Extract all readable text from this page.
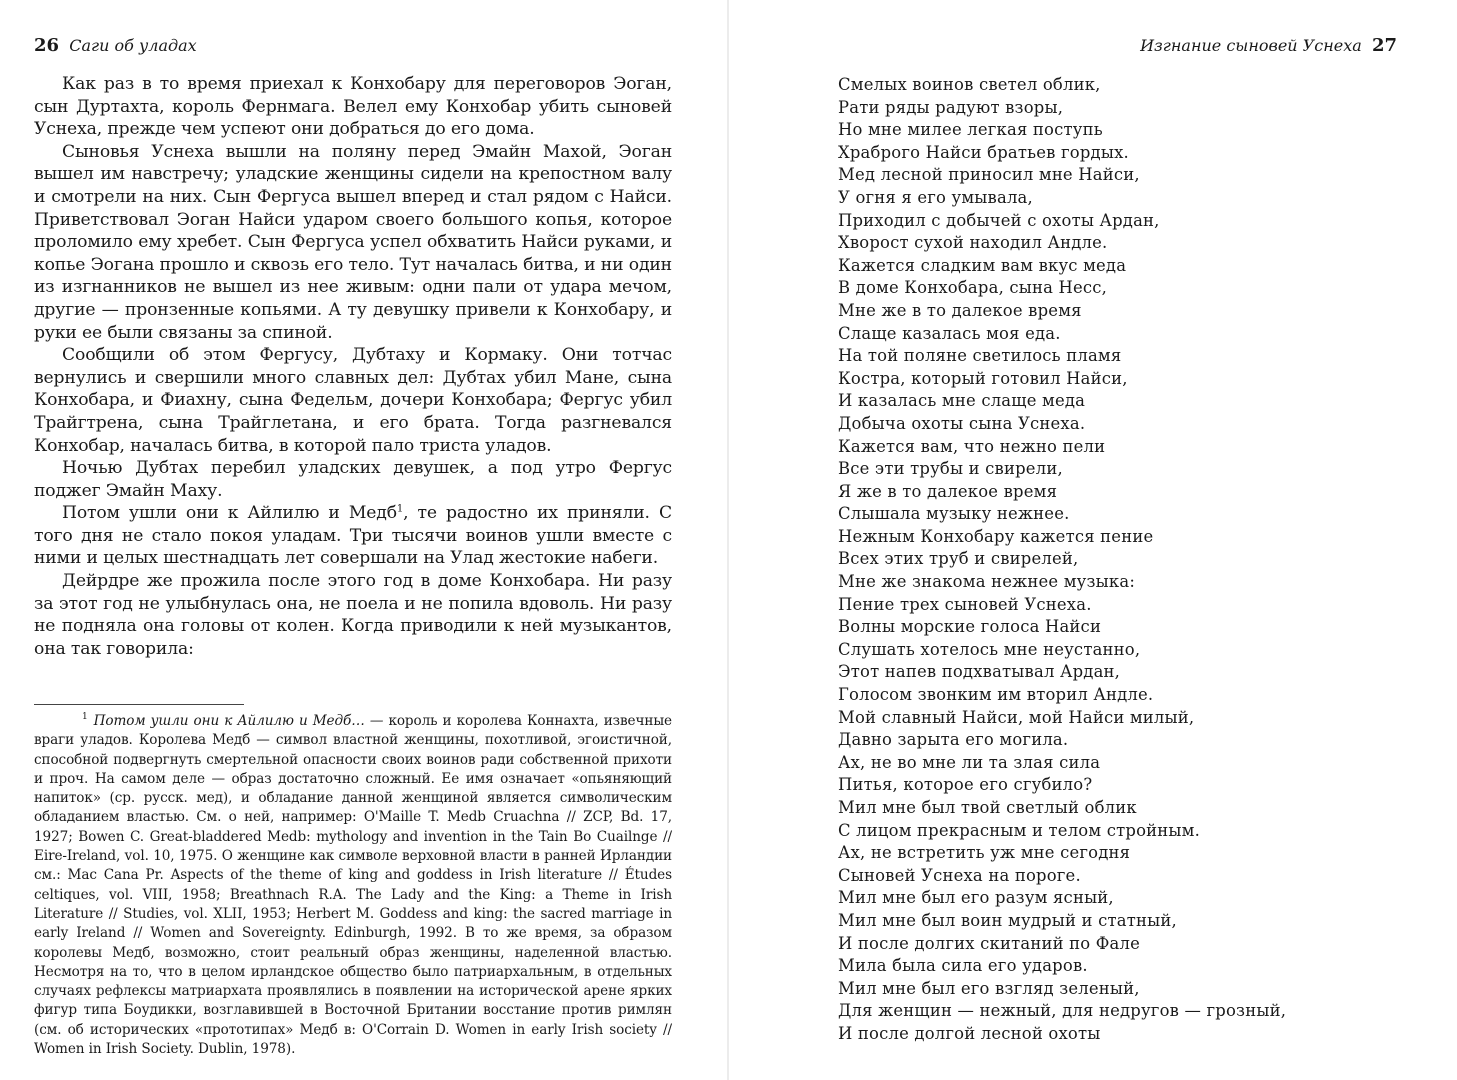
26 Саги об уладах

Как раз в то время приехал к Конхобару для переговоров Эоган, сын Дуртахта, король Фернмага. Велел ему Конхобар убить сыновей Уснеха, прежде чем успеют они добраться до его дома.

Сыновья Уснеха вышли на поляну перед Эмайн Махой, Эоган вышел им навстречу; уладские женщины сидели на крепостном валу и смотрели на них. Сын Фергуса вышел вперед и стал рядом с Найси. Приветствовал Эоган Найси ударом своего большого копья, которое проломило ему хребет. Сын Фергуса успел обхватить Найси руками, и копье Эогана прошло и сквозь его тело. Тут началась битва, и ни один из изгнанников не вышел из нее живым: одни пали от удара мечом, другие — пронзенные копьями. А ту девушку привели к Конхобару, и руки ее были связаны за спиной.

Сообщили об этом Фергусу, Дубтаху и Кормаку. Они тотчас вернулись и свершили много славных дел: Дубтах убил Мане, сына Конхобара, и Фиахну, сына Федельм, дочери Конхобара; Фергус убил Трайгтрена, сына Трайглетана, и его брата. Тогда разгневался Конхобар, началась битва, в которой пало триста уладов.

Ночью Дубтах перебил уладских девушек, а под утро Фергус поджег Эмайн Маху.

Потом ушли они к Айлилю и Медб$^1$, те радостно их приняли. С того дня не стало покоя уладам. Три тысячи воинов ушли вместе с ними и целых шестнадцать лет совершали на Улад жестокие набеги.

Дейрдре же прожила после этого год в доме Конхобара. Ни разу за этот год не улыбнулась она, не поела и не попила вдоволь. Ни разу не подняла она головы от колен. Когда приводили к ней музыкантов, она так говорила:

$^1$ Потом ушли они к Айлилю и Медб… — король и королева Коннахта, извечные враги уладов. Королева Медб — символ властной женщины, похотливой, эгоистичной, способной подвергнуть смертельной опасности своих воинов ради собственной прихоти и проч. На самом деле — образ достаточно сложный. Ее имя означает «опьяняющий напиток» (ср. русск. мед), и обладание данной женщиной является символическим обладанием властью. См. о ней, например: O'Maille T. Medb Cruachna // ZCP, Bd. 17, 1927; Bowen C. Great-bladdered Medb: mythology and invention in the Tain Bo Cuailnge // Eire-Ireland, vol. 10, 1975. О женщине как символе верховной власти в ранней Ирландии см.: Mac Cana Pr. Aspects of the theme of king and goddess in Irish literature // Études celtiques, vol. VIII, 1958; Breathnach R.A. The Lady and the King: a Theme in Irish Literature // Studies, vol. XLII, 1953; Herbert M. Goddess and king: the sacred marriage in early Ireland // Women and Sovereignty. Edinburgh, 1992. В то же время, за образом королевы Медб, возможно, стоит реальный образ женщины, наделенной властью. Несмотря на то, что в целом ирландское общество было патриархальным, в отдельных случаях рефлексы матриархата проявлялись в появлении на исторической арене ярких фигур типа Боудикки, возглавившей в Восточной Британии восстание против римлян (см. об исторических «прототипах» Медб в: O'Corrain D. Women in early Irish society // Women in Irish Society. Dublin, 1978).

Изгнание сыновей Уснеха 27
Смелых воинов светел облик,
Рати ряды радуют взоры,
Но мне милее легкая поступь
Храброго Найси братьев гордых.
Мед лесной приносил мне Найси,
У огня я его умывала,
Приходил с добычей с охоты Ардан,
Хворост сухой находил Андле.
Кажется сладким вам вкус меда
В доме Конхобара, сына Несс,
Мне же в то далекое время
Слаще казалась моя еда.
На той поляне светилось пламя
Костра, который готовил Найси,
И казалась мне слаще меда
Добыча охоты сына Уснеха.
Кажется вам, что нежно пели
Все эти трубы и свирели,
Я же в то далекое время
Слышала музыку нежнее.
Нежным Конхобару кажется пение
Всех этих труб и свирелей,
Мне же знакома нежнее музыка:
Пение трех сыновей Уснеха.
Волны морские голоса Найси
Слушать хотелось мне неустанно,
Этот напев подхватывал Ардан,
Голосом звонким им вторил Андле.
Мой славный Найси, мой Найси милый,
Давно зарыта его могила.
Ах, не во мне ли та злая сила
Питья, которое его сгубило?
Мил мне был твой светлый облик
С лицом прекрасным и телом стройным.
Ах, не встретить уж мне сегодня
Сыновей Уснеха на пороге.
Мил мне был его разум ясный,
Мил мне был воин мудрый и статный,
И после долгих скитаний по Фале
Мила была сила его ударов.
Мил мне был его взгляд зеленый,
Для женщин — нежный, для недругов — грозный,
И после долгой лесной охоты
